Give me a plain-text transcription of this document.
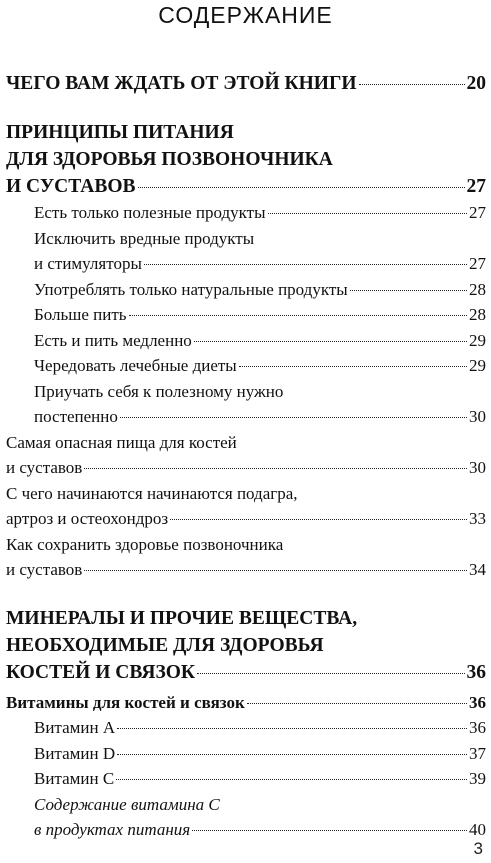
СОДЕРЖАНИЕ
ЧЕГО ВАМ ЖДАТЬ ОТ ЭТОЙ КНИГИ	20
ПРИНЦИПЫ ПИТАНИЯ
ДЛЯ ЗДОРОВЬЯ ПОЗВОНОЧНИКА
И СУСТАВОВ	27
Есть только полезные продукты	27
Исключить вредные продукты
и стимуляторы	27
Употреблять только натуральные продукты	28
Больше пить	28
Есть и пить медленно	29
Чередовать лечебные диеты	29
Приучать себя к полезному нужно
постепенно	30
Самая опасная пища для костей
и суставов	30
С чего начинаются начинаются подагра,
артроз и остеохондроз	33
Как сохранить здоровье позвоночника
и суставов	34
МИНЕРАЛЫ И ПРОЧИЕ ВЕЩЕСТВА,
НЕОБХОДИМЫЕ ДЛЯ ЗДОРОВЬЯ
КОСТЕЙ И СВЯЗОК	36
Витамины для костей и связок	36
Витамин A	36
Витамин D	37
Витамин C	39
Содержание витамина C
в продуктах питания	40
3
